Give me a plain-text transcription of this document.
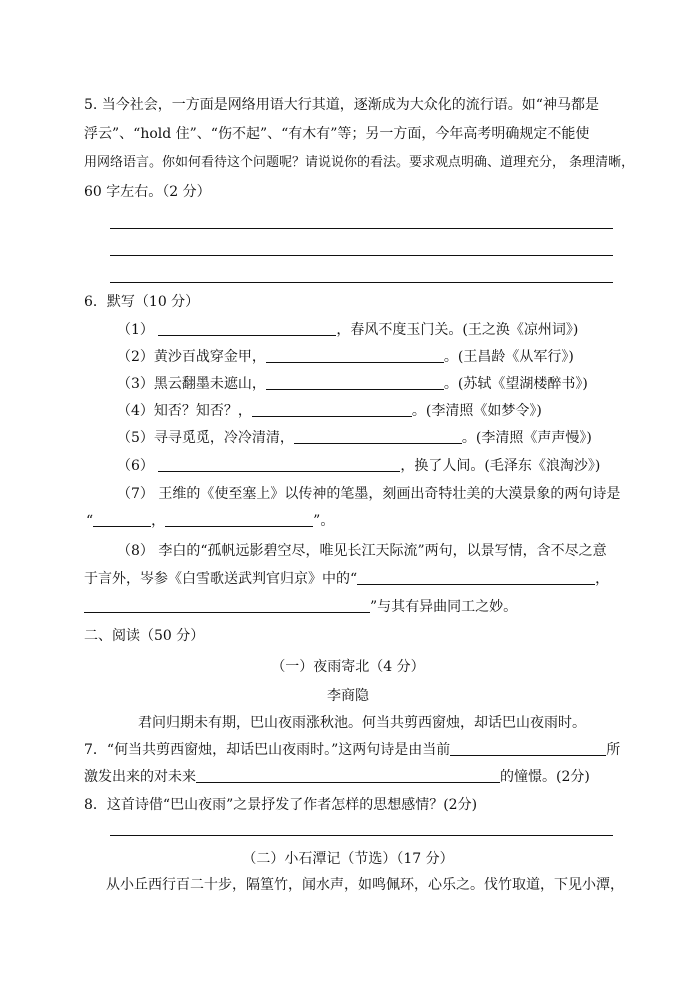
5. 当今社会，一方面是网络用语大行其道，逐渐成为大众化的流行语。如“神马都是
浮云”、“hold 住”、“伤不起”、“有木有”等；另一方面，今年高考明确规定不能使
用网络语言。你如何看待这个问题呢？请说说你的看法。要求观点明确、道理充分， 条理清晰，
60 字左右。（2 分）
6．默写（10 分）
（1）	，春风不度玉门关。(王之涣《凉州词》)
（2）黄沙百战穿金甲，	。(王昌龄《从军行》)
（3）黑云翻墨未遮山，	。(苏轼《望湖楼醉书》)
（4）知否？知否？，	。(李清照《如梦令》)
（5）寻寻觅觅，冷冷清清，	。(李清照《声声慢》)
（6）	，换了人间。(毛泽东《浪淘沙》)
（7） 王维的《使至塞上》以传神的笔墨，刻画出奇特壮美的大漠景象的两句诗是
“	，	”。
（8） 李白的“孤帆远影碧空尽，唯见长江天际流”两句，以景写情，含不尽之意
于言外，岑参《白雪歌送武判官归京》中的“	，
”与其有异曲同工之妙。
二、阅读（50 分）
（一）夜雨寄北（4 分）
李商隐
君问归期未有期，巴山夜雨涨秋池。何当共剪西窗烛，却话巴山夜雨时。
7．“何当共剪西窗烛，却话巴山夜雨时。”这两句诗是由当前	所
激发出来的对未来	的憧憬。(2分)
8．这首诗借“巴山夜雨”之景抒发了作者怎样的思想感情？(2分)
（二）小石潭记（节选）（17 分）
从小丘西行百二十步，隔篁竹，闻水声，如鸣佩环，心乐之。伐竹取道，下见小潭，
